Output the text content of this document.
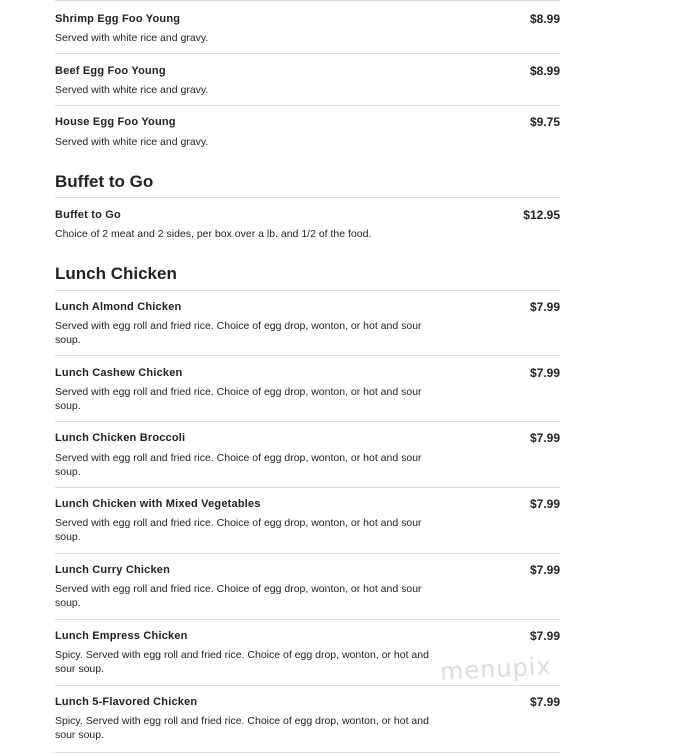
Shrimp Egg Foo Young	$8.99
Served with white rice and gravy.
Beef Egg Foo Young	$8.99
Served with white rice and gravy.
House Egg Foo Young	$9.75
Served with white rice and gravy.
Buffet to Go
Buffet to Go	$12.95
Choice of 2 meat and 2 sides, per box over a lb. and 1/2 of the food.
Lunch Chicken
Lunch Almond Chicken	$7.99
Served with egg roll and fried rice. Choice of egg drop, wonton, or hot and sour soup.
Lunch Cashew Chicken	$7.99
Served with egg roll and fried rice. Choice of egg drop, wonton, or hot and sour soup.
Lunch Chicken Broccoli	$7.99
Served with egg roll and fried rice. Choice of egg drop, wonton, or hot and sour soup.
Lunch Chicken with Mixed Vegetables	$7.99
Served with egg roll and fried rice. Choice of egg drop, wonton, or hot and sour soup.
Lunch Curry Chicken	$7.99
Served with egg roll and fried rice. Choice of egg drop, wonton, or hot and sour soup.
Lunch Empress Chicken	$7.99
Spicy. Served with egg roll and fried rice. Choice of egg drop, wonton, or hot and sour soup.
Lunch 5-Flavored Chicken	$7.99
Spicy. Served with egg roll and fried rice. Choice of egg drop, wonton, or hot and sour soup.
menupix
